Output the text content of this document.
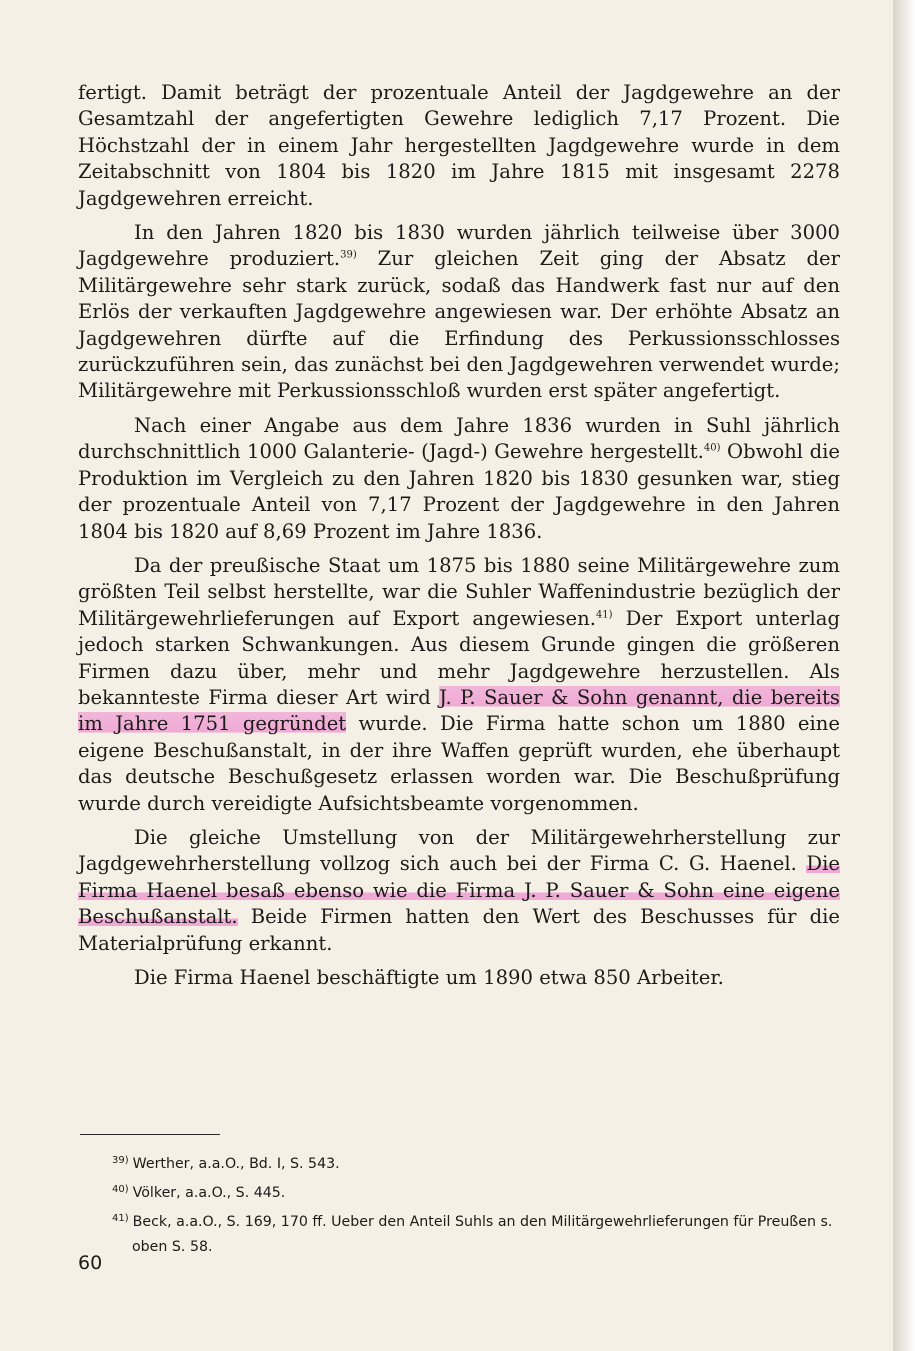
fertigt. Damit beträgt der prozentuale Anteil der Jagdgewehre an der Gesamtzahl der angefertigten Gewehre lediglich 7,17 Prozent. Die Höchstzahl der in einem Jahr hergestellten Jagdgewehre wurde in dem Zeitabschnitt von 1804 bis 1820 im Jahre 1815 mit insgesamt 2278 Jagdgewehren erreicht.

In den Jahren 1820 bis 1830 wurden jährlich teilweise über 3000 Jagdgewehre produziert.$^{39)}$ Zur gleichen Zeit ging der Absatz der Militärgewehre sehr stark zurück, sodaß das Handwerk fast nur auf den Erlös der verkauften Jagdgewehre angewiesen war. Der erhöhte Absatz an Jagdgewehren dürfte auf die Erfindung des Perkussionsschlosses zurückzuführen sein, das zunächst bei den Jagdgewehren verwendet wurde; Militärgewehre mit Perkussionsschloß wurden erst später angefertigt.

Nach einer Angabe aus dem Jahre 1836 wurden in Suhl jährlich durchschnittlich 1000 Galanterie- (Jagd-) Gewehre hergestellt.$^{40)}$ Obwohl die Produktion im Vergleich zu den Jahren 1820 bis 1830 gesunken war, stieg der prozentuale Anteil von 7,17 Prozent der Jagdgewehre in den Jahren 1804 bis 1820 auf 8,69 Prozent im Jahre 1836.

Da der preußische Staat um 1875 bis 1880 seine Militärgewehre zum größten Teil selbst herstellte, war die Suhler Waffenindustrie bezüglich der Militärgewehrlieferungen auf Export angewiesen.$^{41)}$ Der Export unterlag jedoch starken Schwankungen. Aus diesem Grunde gingen die größeren Firmen dazu über, mehr und mehr Jagdgewehre herzustellen. Als bekannteste Firma dieser Art wird J. P. Sauer & Sohn genannt, die bereits im Jahre 1751 gegründet wurde. Die Firma hatte schon um 1880 eine eigene Beschußanstalt, in der ihre Waffen geprüft wurden, ehe überhaupt das deutsche Beschußgesetz erlassen worden war. Die Beschußprüfung wurde durch vereidigte Aufsichtsbeamte vorgenommen.

Die gleiche Umstellung von der Militärgewehrherstellung zur Jagdgewehrherstellung vollzog sich auch bei der Firma C. G. Haenel. Die Firma Haenel besaß ebenso wie die Firma J. P. Sauer & Sohn eine eigene Beschußanstalt. Beide Firmen hatten den Wert des Beschusses für die Materialprüfung erkannt.

Die Firma Haenel beschäftigte um 1890 etwa 850 Arbeiter.

$^{39)}$ Werther, a.a.O., Bd. I, S. 543.

$^{40)}$ Völker, a.a.O., S. 445.

$^{41)}$ Beck, a.a.O., S. 169, 170 ff. Ueber den Anteil Suhls an den Militärgewehrlieferungen für Preußen s. oben S. 58.

60
